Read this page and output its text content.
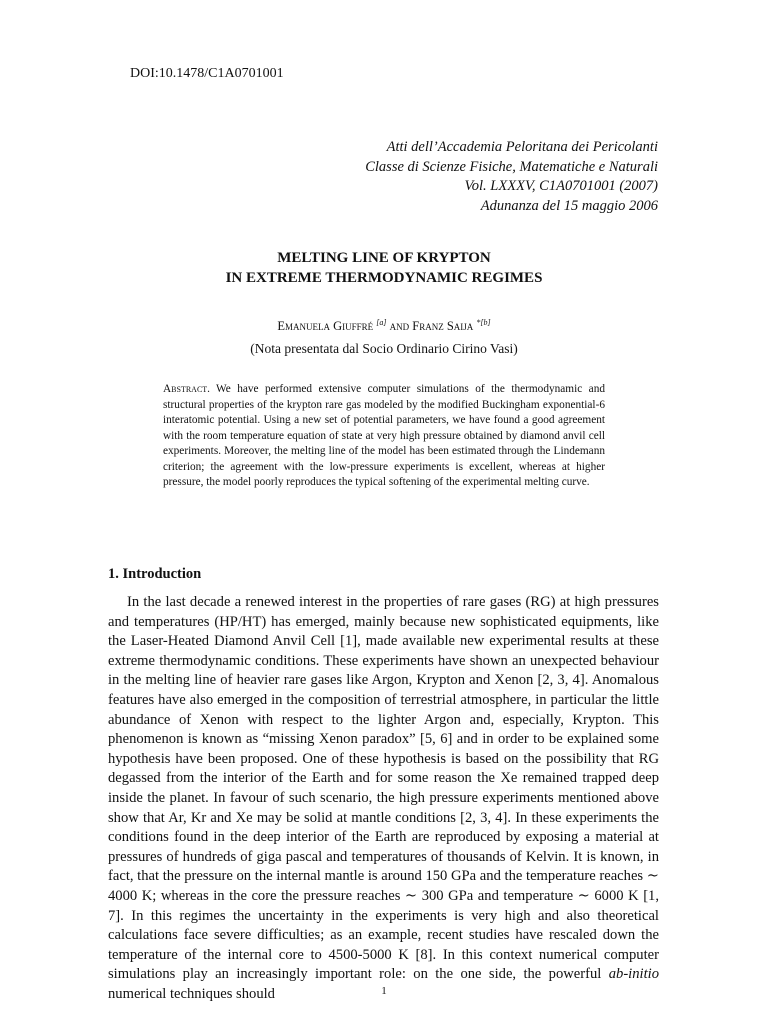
DOI:10.1478/C1A0701001
Atti dell’Accademia Peloritana dei Pericolanti
Classe di Scienze Fisiche, Matematiche e Naturali
Vol. LXXXV, C1A0701001 (2007)
Adunanza del 15 maggio 2006
MELTING LINE OF KRYPTON
IN EXTREME THERMODYNAMIC REGIMES
Emanuela Giuffré [a] and Franz Saija $^{*[b]}$
(Nota presentata dal Socio Ordinario Cirino Vasi)
Abstract. We have performed extensive computer simulations of the thermodynamic and structural properties of the krypton rare gas modeled by the modified Buckingham exponential-6 interatomic potential. Using a new set of potential parameters, we have found a good agreement with the room temperature equation of state at very high pressure obtained by diamond anvil cell experiments. Moreover, the melting line of the model has been estimated through the Lindemann criterion; the agreement with the low-pressure experiments is excellent, whereas at higher pressure, the model poorly reproduces the typical softening of the experimental melting curve.
1. Introduction
In the last decade a renewed interest in the properties of rare gases (RG) at high pressures and temperatures (HP/HT) has emerged, mainly because new sophisticated equipments, like the Laser-Heated Diamond Anvil Cell [1], made available new experimental results at these extreme thermodynamic conditions. These experiments have shown an unexpected behaviour in the melting line of heavier rare gases like Argon, Krypton and Xenon [2, 3, 4]. Anomalous features have also emerged in the composition of terrestrial atmosphere, in particular the little abundance of Xenon with respect to the lighter Argon and, especially, Krypton. This phenomenon is known as “missing Xenon paradox” [5, 6] and in order to be explained some hypothesis have been proposed. One of these hypothesis is based on the possibility that RG degassed from the interior of the Earth and for some reason the Xe remained trapped deep inside the planet. In favour of such scenario, the high pressure experiments mentioned above show that Ar, Kr and Xe may be solid at mantle conditions [2, 3, 4]. In these experiments the conditions found in the deep interior of the Earth are reproduced by exposing a material at pressures of hundreds of giga pascal and temperatures of thousands of Kelvin. It is known, in fact, that the pressure on the internal mantle is around 150 GPa and the temperature reaches ∼ 4000 K; whereas in the core the pressure reaches ∼ 300 GPa and temperature ∼ 6000 K [1, 7]. In this regimes the uncertainty in the experiments is very high and also theoretical calculations face severe difficulties; as an example, recent studies have rescaled down the temperature of the internal core to 4500-5000 K [8]. In this context numerical computer simulations play an increasingly important role: on the one side, the powerful ab-initio numerical techniques should	1
